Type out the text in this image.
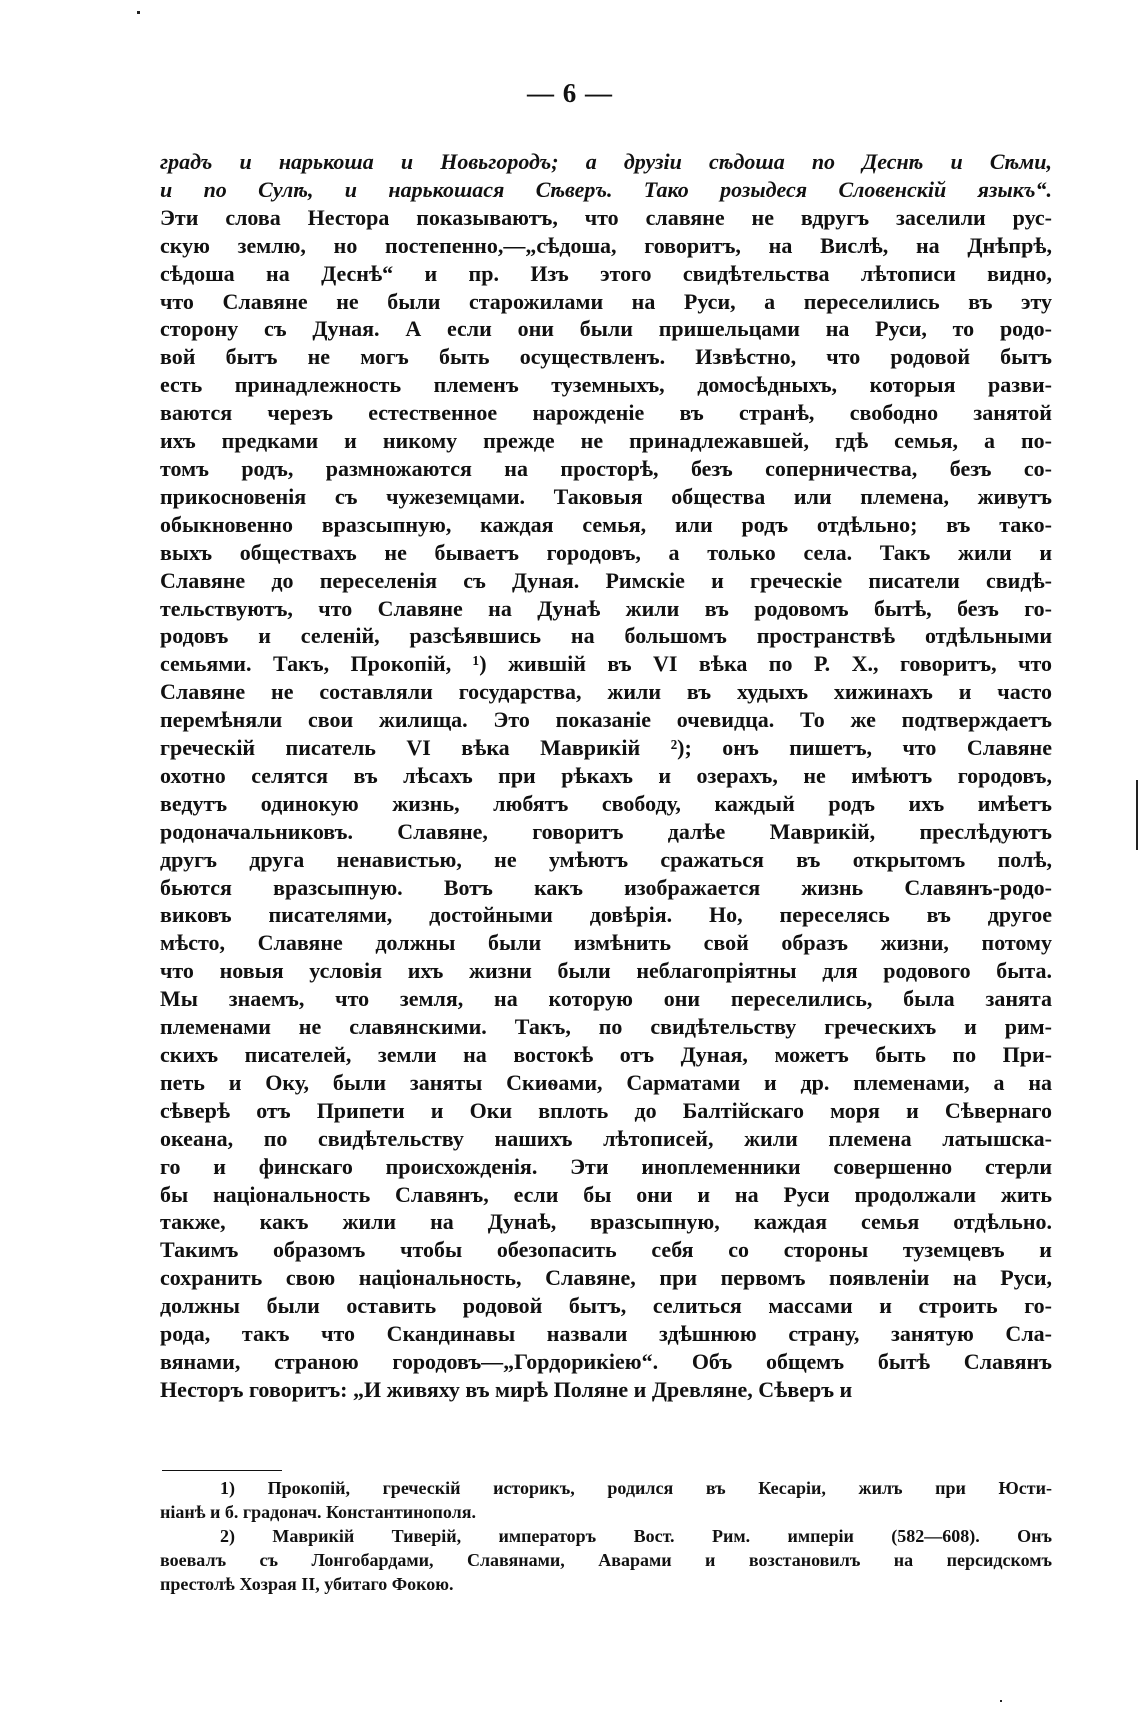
— 6 —
градъ и нарькоша и Новьгородъ; а друзіи сѣдоша по Деснѣ и Сѣми,
и по Сулѣ, и нарькошася Сѣверъ. Тако розыдеся Словенскій языкъ“.
Эти слова Нестора показываютъ, что славяне не вдругъ заселили рус-
скую землю, но постепенно,—„сѣдоша, говоритъ, на Вислѣ, на Днѣпрѣ,
сѣдоша на Деснѣ“ и пр. Изъ этого свидѣтельства лѣтописи видно,
что Славяне не были старожилами на Руси, а переселились въ эту
сторону съ Дуная. А если они были пришельцами на Руси, то родо-
вой бытъ не могъ быть осуществленъ. Извѣстно, что родовой бытъ
есть принадлежность племенъ туземныхъ, домосѣдныхъ, которыя разви-
ваются черезъ естественное нарожденіе въ странѣ, свободно занятой
ихъ предками и никому прежде не принадлежавшей, гдѣ семья, а по-
томъ родъ, размножаются на просторѣ, безъ соперничества, безъ со-
прикосновенія съ чужеземцами. Таковыя общества или племена, живутъ
обыкновенно вразсыпную, каждая семья, или родъ отдѣльно; въ тако-
выхъ обществахъ не бываетъ городовъ, а только села. Такъ жили и
Славяне до переселенія съ Дуная. Римскіе и греческіе писатели свидѣ-
тельствуютъ, что Славяне на Дунаѣ жили въ родовомъ бытѣ, безъ го-
родовъ и селеній, разсѣявшись на большомъ пространствѣ отдѣльными
семьями. Такъ, Прокопій, ¹) жившій въ VI вѣка по Р. Х., говоритъ, что
Славяне не составляли государства, жили въ худыхъ хижинахъ и часто
перемѣняли свои жилища. Это показаніе очевидца. То же подтверждаетъ
греческій писатель VI вѣка Маврикій ²); онъ пишетъ, что Славяне
охотно селятся въ лѣсахъ при рѣкахъ и озерахъ, не имѣютъ городовъ,
ведутъ одинокую жизнь, любятъ свободу, каждый родъ ихъ имѣетъ
родоначальниковъ. Славяне, говоритъ далѣе Маврикій, преслѣдуютъ
другъ друга ненавистью, не умѣютъ сражаться въ открытомъ полѣ,
бьются вразсыпную. Вотъ какъ изображается жизнь Славянъ-родо-
виковъ писателями, достойными довѣрія. Но, переселясь въ другое
мѣсто, Славяне должны были измѣнить свой образъ жизни, потому
что новыя условія ихъ жизни были неблагопріятны для родового быта.
Мы знаемъ, что земля, на которую они переселились, была занята
племенами не славянскими. Такъ, по свидѣтельству греческихъ и рим-
скихъ писателей, земли на востокѣ отъ Дуная, можетъ быть по При-
петь и Оку, были заняты Скиѳами, Сарматами и др. племенами, а на
сѣверѣ отъ Припети и Оки вплоть до Балтійскаго моря и Сѣвернаго
океана, по свидѣтельству нашихъ лѣтописей, жили племена латышска-
го и финскаго происхожденія. Эти иноплеменники совершенно стерли
бы національность Славянъ, если бы они и на Руси продолжали жить
также, какъ жили на Дунаѣ, вразсыпную, каждая семья отдѣльно.
Такимъ образомъ чтобы обезопасить себя со стороны туземцевъ и
сохранить свою національность, Славяне, при первомъ появленіи на Руси,
должны были оставить родовой бытъ, селиться массами и строить го-
рода, такъ что Скандинавы назвали здѣшнюю страну, занятую Сла-
вянами, страною городовъ—„Гордорикіею“. Объ общемъ бытѣ Славянъ
Несторъ говоритъ: „И живяху въ мирѣ Поляне и Древляне, Сѣверъ и
1) Прокопій, греческій историкъ, родился въ Кесаріи, жилъ при Юсти-
ніанѣ и б. градонач. Константинополя.
2) Маврикій Тиверій, императоръ Вост. Рим. имперіи (582—608). Онъ
воевалъ съ Лонгобардами, Славянами, Аварами и возстановилъ на персидскомъ
престолѣ Хозрая II, убитаго Фокою.
